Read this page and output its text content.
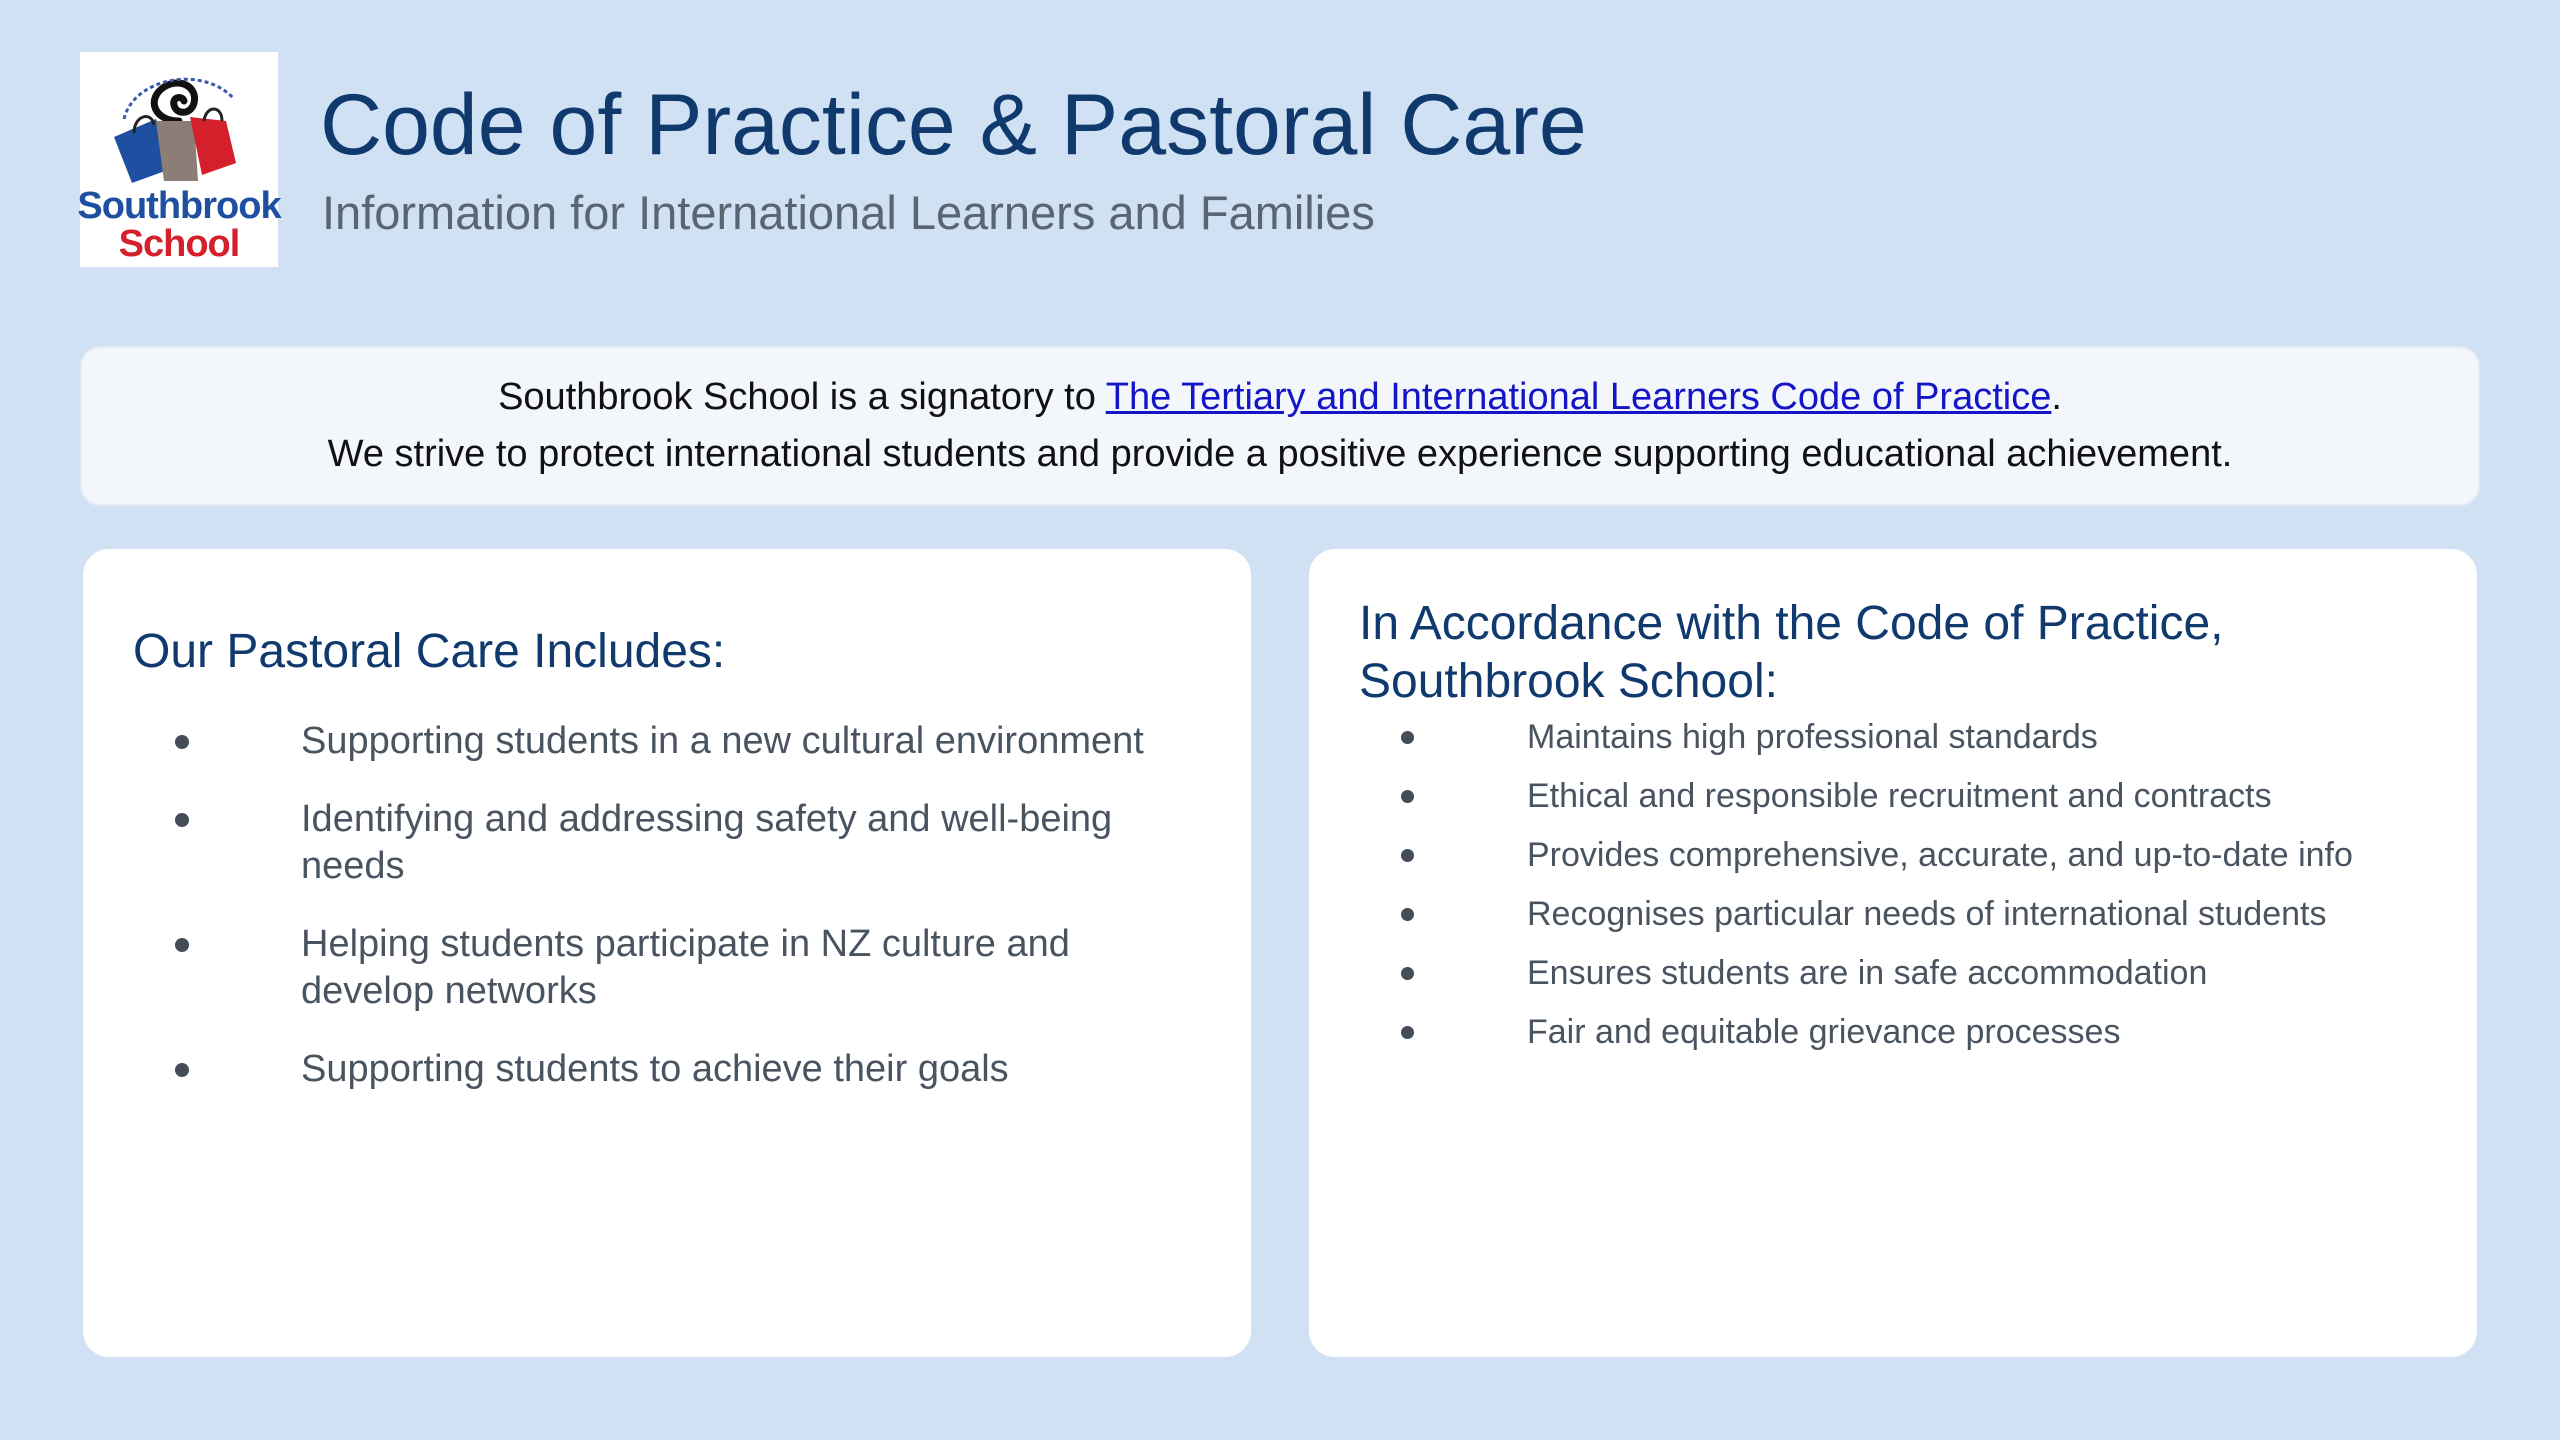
Southbrook
School
Code of Practice & Pastoral Care
Information for International Learners and Families
Southbrook School is a signatory to The Tertiary and International Learners Code of Practice.
We strive to protect international students and provide a positive experience supporting educational achievement.
Our Pastoral Care Includes:
Supporting students in a new cultural environment
Identifying and addressing safety and well-being needs
Helping students participate in NZ culture and develop networks
Supporting students to achieve their goals
In Accordance with the Code of Practice, Southbrook School:
Maintains high professional standards
Ethical and responsible recruitment and contracts
Provides comprehensive, accurate, and up-to-date info
Recognises particular needs of international students
Ensures students are in safe accommodation
Fair and equitable grievance processes
